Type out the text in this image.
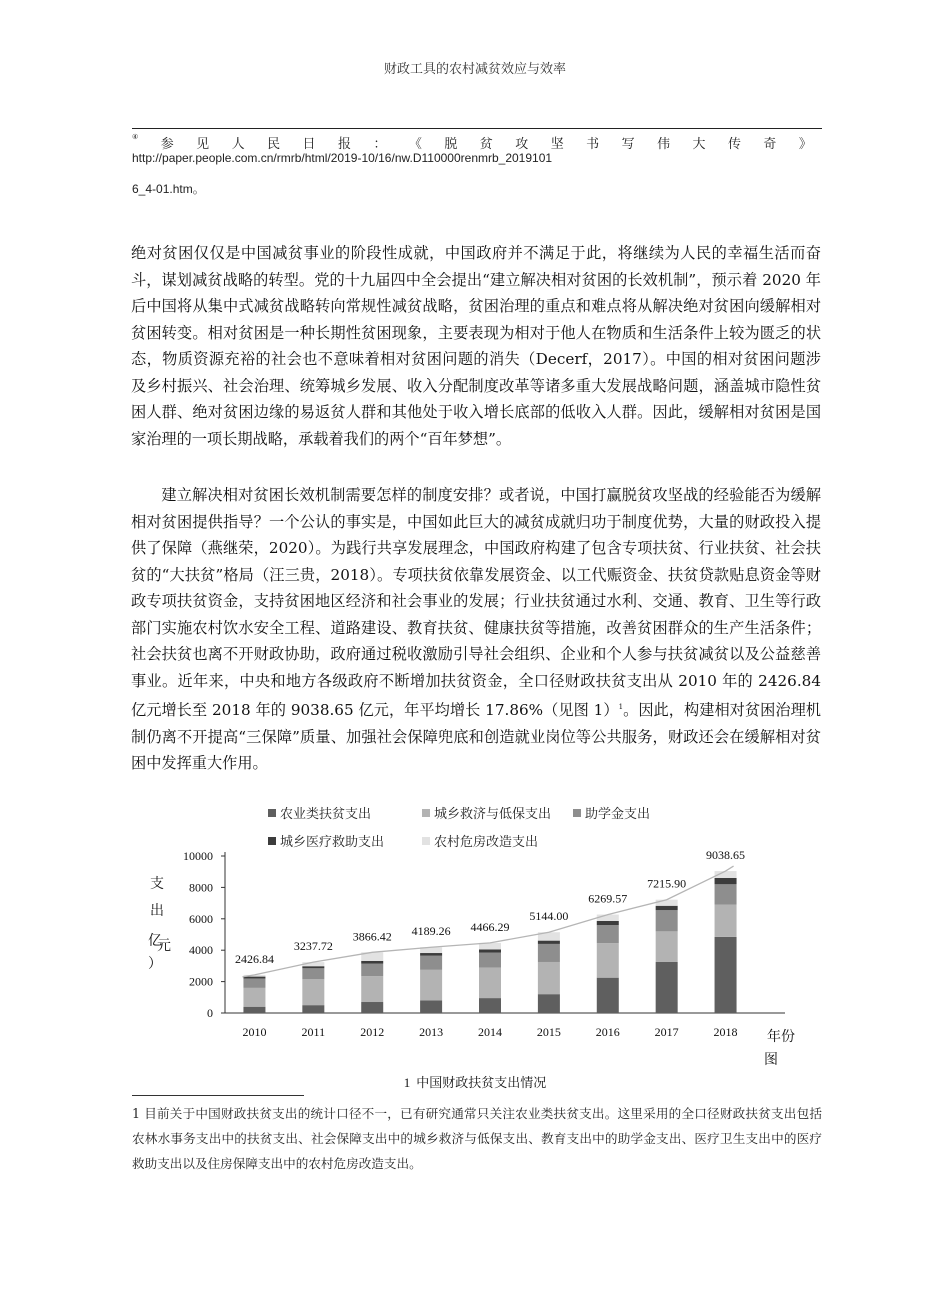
财政工具的农村减贫效应与效率
④ 参 见 人 民 日 报 ： 《 脱 贫 攻 坚 书 写 伟 大 传 奇 》
http://paper.people.com.cn/rmrb/html/2019-10/16/nw.D110000renmrb_2019101
6_4-01.htm。

绝对贫困仅仅是中国减贫事业的阶段性成就，中国政府并不满足于此，将继续为人民的幸福生活而奋斗，谋划减贫战略的转型。党的十九届四中全会提出“建立解决相对贫困的长效机制”，预示着 2020 年后中国将从集中式减贫战略转向常规性减贫战略，贫困治理的重点和难点将从解决绝对贫困向缓解相对贫困转变。相对贫困是一种长期性贫困现象，主要表现为相对于他人在物质和生活条件上较为匮乏的状态，物质资源充裕的社会也不意味着相对贫困问题的消失（Decerf，2017）。中国的相对贫困问题涉及乡村振兴、社会治理、统筹城乡发展、收入分配制度改革等诸多重大发展战略问题，涵盖城市隐性贫困人群、绝对贫困边缘的易返贫人群和其他处于收入增长底部的低收入人群。因此，缓解相对贫困是国家治理的一项长期战略，承载着我们的两个“百年梦想”。

建立解决相对贫困长效机制需要怎样的制度安排？或者说，中国打赢脱贫攻坚战的经验能否为缓解相对贫困提供指导？一个公认的事实是，中国如此巨大的减贫成就归功于制度优势，大量的财政投入提供了保障（燕继荣，2020）。为践行共享发展理念，中国政府构建了包含专项扶贫、行业扶贫、社会扶贫的“大扶贫”格局（汪三贵，2018）。专项扶贫依靠发展资金、以工代赈资金、扶贫贷款贴息资金等财政专项扶贫资金，支持贫困地区经济和社会事业的发展；行业扶贫通过水利、交通、教育、卫生等行政部门实施农村饮水安全工程、道路建设、教育扶贫、健康扶贫等措施，改善贫困群众的生产生活条件；社会扶贫也离不开财政协助，政府通过税收激励引导社会组织、企业和个人参与扶贫减贫以及公益慈善事业。近年来，中央和地方各级政府不断增加扶贫资金，全口径财政扶贫支出从 2010 年的 2426.84 亿元增长至 2018 年的 9038.65 亿元，年平均增长 17.86%（见图 1）$^1$。因此，构建相对贫困治理机制仍离不开提高“三保障”质量、加强社会保障兜底和创造就业岗位等公共服务，财政还会在缓解相对贫困中发挥重大作用。

农业类扶贫支出	城乡救济与低保支出	助学金支出
城乡医疗救助支出	农村危房改造支出
0
2000
4000
6000
8000
10000
支
出
亿
元
）	2426.84
2010
3237.72
2011
3866.42
2012
4189.26
2013
4466.29
2014
5144.00
2015
6269.57
2016
7215.90
2017
9038.65
2018 年份
图
1 中国财政扶贫支出情况
1 目前关于中国财政扶贫支出的统计口径不一，已有研究通常只关注农业类扶贫支出。这里采用的全口径财政扶贫支出包括农林水事务支出中的扶贫支出、社会保障支出中的城乡救济与低保支出、教育支出中的助学金支出、医疗卫生支出中的医疗救助支出以及住房保障支出中的农村危房改造支出。
